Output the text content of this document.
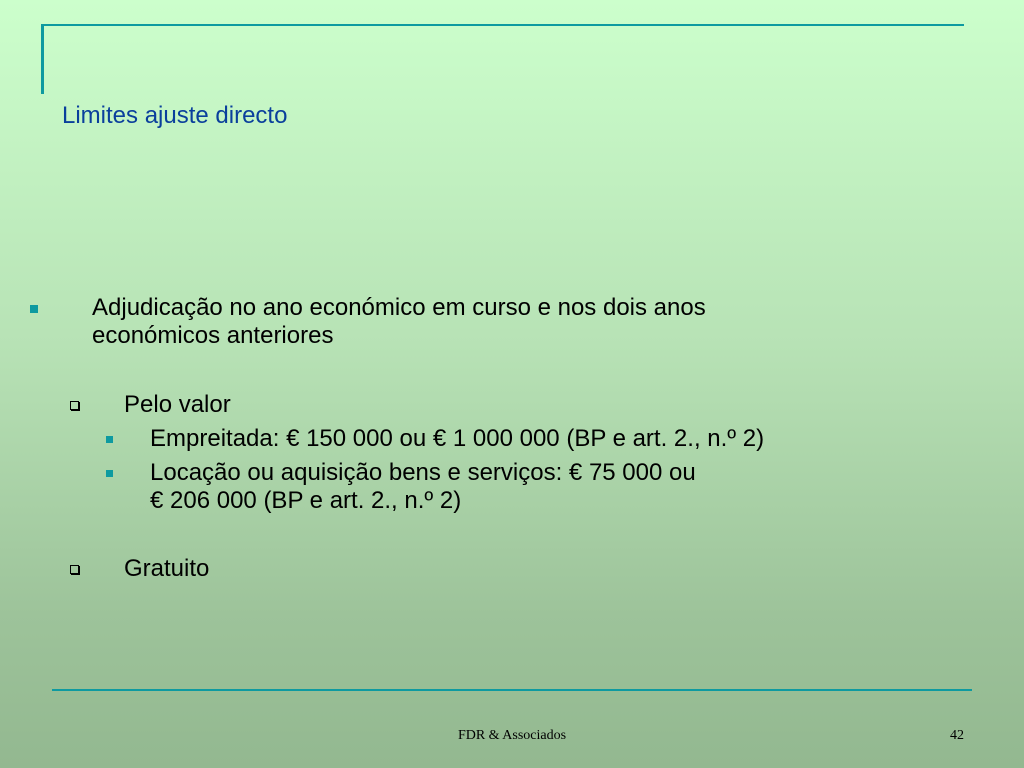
Limites ajuste directo
Adjudicação no ano económico em curso e nos dois anos
económicos anteriores
Pelo valor
Empreitada: € 150 000 ou € 1 000 000 (BP e art. 2., n.º 2)
Locação ou aquisição bens e serviços: € 75 000 ou
€ 206 000 (BP e art. 2., n.º 2)
Gratuito
FDR & Associados	42
